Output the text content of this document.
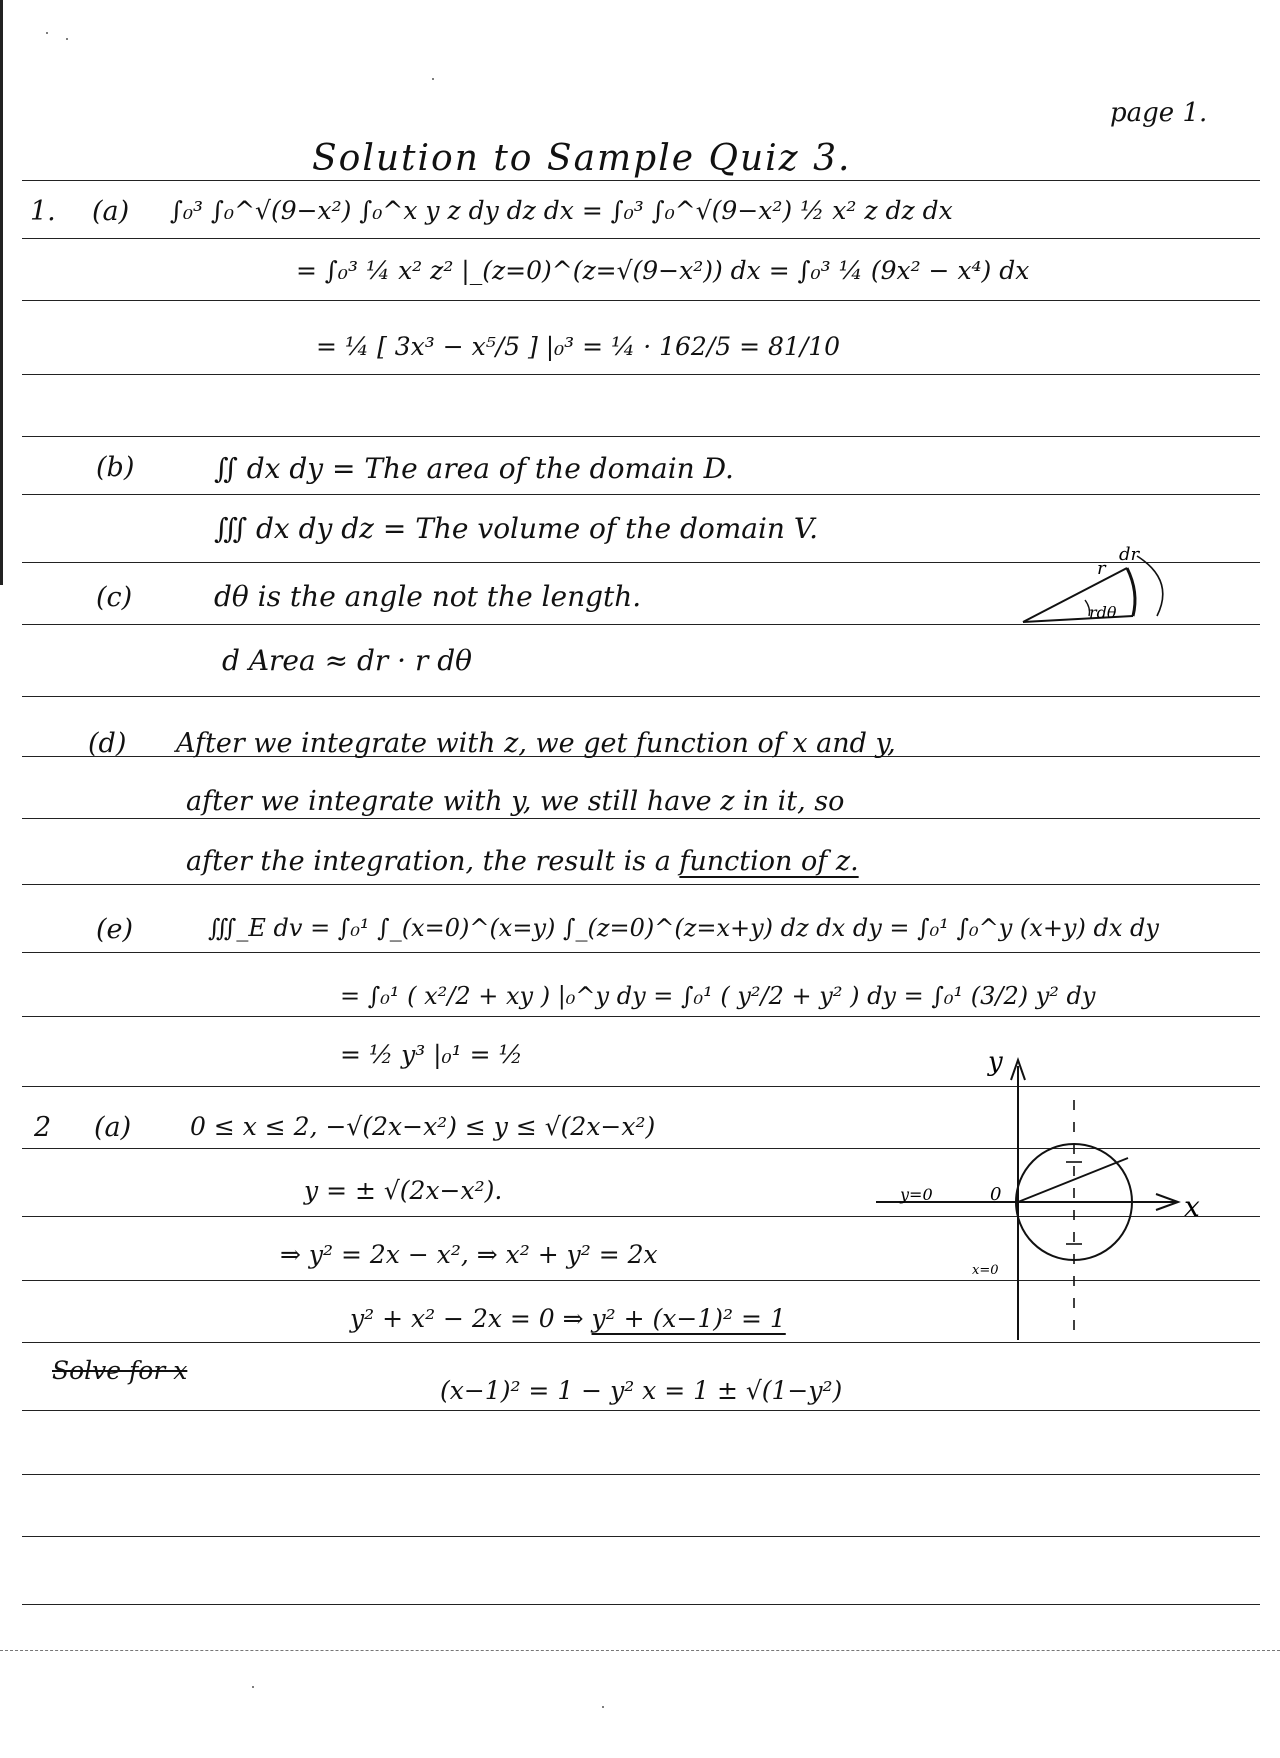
page 1.
Solution to Sample Quiz 3.
1. (a) ∫₀³ ∫₀^√(9−x²) ∫₀^x y z dy dz dx = ∫₀³ ∫₀^√(9−x²) ½ x² z dz dx
= ∫₀³ ¼ x² z² |_(z=0)^(z=√(9−x²)) dx = ∫₀³ ¼ (9x² − x⁴) dx
= ¼ [ 3x³ − x⁵/5 ] |₀³ = ¼ · 162/5 = 81/10
(b)	∬ dx dy = The area of the domain D.
∭ dx dy dz = The volume of the domain V.
(c)	dθ is the angle not the length.
d Area ≈ dr · r dθ
dr
r
rdθ
(d) After we integrate with z, we get function of x and y,
after we integrate with y, we still have z in it, so
after the integration, the result is a function of z.
(e)	∭_E dv = ∫₀¹ ∫_(x=0)^(x=y) ∫_(z=0)^(z=x+y) dz dx dy = ∫₀¹ ∫₀^y (x+y) dx dy
= ∫₀¹ ( x²/2 + xy ) |₀^y dy = ∫₀¹ ( y²/2 + y² ) dy = ∫₀¹ (3/2) y² dy
= ½ y³ |₀¹ = ½
2 (a) 0 ≤ x ≤ 2, −√(2x−x²) ≤ y ≤ √(2x−x²)
y = ± √(2x−x²).
⇒ y² = 2x − x², ⇒ x² + y² = 2x
y² + x² − 2x = 0 ⇒ y² + (x−1)² = 1
Solve for x
(x−1)² = 1 − y² x = 1 ± √(1−y²)
y
x
0
y=0
x=0
